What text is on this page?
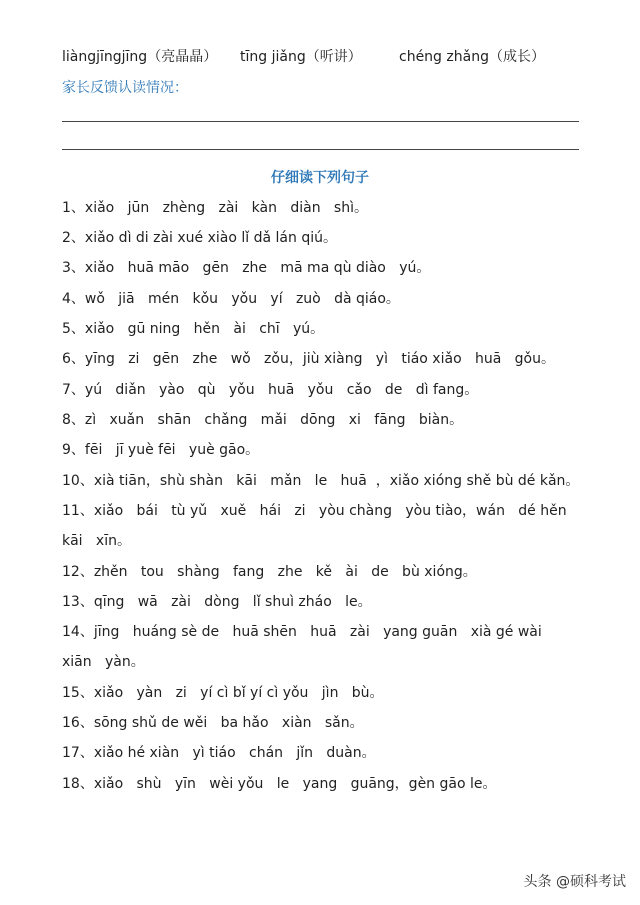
liàngjīngjīng（亮晶晶） tīng jiǎng（听讲）	chéng zhǎng（成长）
家长反馈认读情况：
仔细读下列句子
1、xiǎo   jūn   zhèng   zài   kàn   diàn   shì。
2、xiǎo dì di zài xué xiào lǐ dǎ lán qiú。
3、xiǎo   huā māo   gēn   zhe   mā ma qù diào   yú。
4、wǒ   jiā   mén   kǒu   yǒu   yí   zuò   dà qiáo。
5、xiǎo   gū ning   hěn   ài   chī   yú。
6、yīng   zi   gēn   zhe   wǒ   zǒu，jiù xiàng   yì   tiáo xiǎo   huā   gǒu。
7、yú   diǎn   yào   qù   yǒu   huā   yǒu   cǎo   de   dì fang。
8、zì   xuǎn   shān   chǎng   mǎi   dōng   xi   fāng   biàn。
9、fēi   jī yuè fēi   yuè gāo。
10、xià tiān，shù shàn   kāi   mǎn   le   huā  ，xiǎo xióng shě bù dé kǎn。
11、xiǎo   bái   tù yǔ   xuě   hái   zi   yòu chàng   yòu tiào，wán   dé hěn
kāi   xīn。
12、zhěn   tou   shàng   fang   zhe   kě   ài   de   bù xióng。
13、qīng   wā   zài   dòng   lǐ shuì zháo   le。
14、jīng   huáng sè de   huā shēn   huā   zài   yang guān   xià gé wài
xiān   yàn。
15、xiǎo   yàn   zi   yí cì bǐ yí cì yǒu   jìn   bù。
16、sōng shǔ de wěi   ba hǎo   xiàn   sǎn。
17、xiǎo hé xiàn   yì tiáo   chán   jǐn   duàn。
18、xiǎo   shù   yīn   wèi yǒu   le   yang   guāng，gèn gāo le。
头条 @硕科考试
